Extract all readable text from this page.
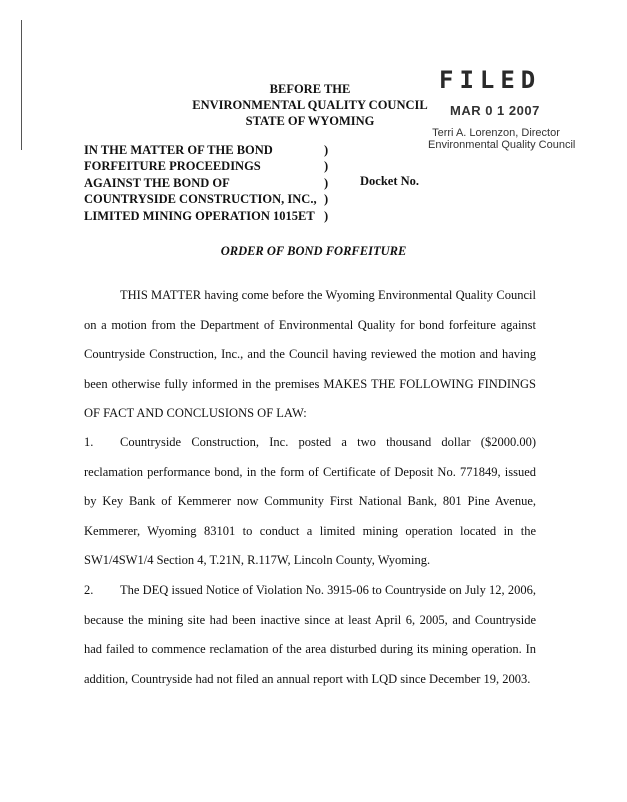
BEFORE THE
ENVIRONMENTAL QUALITY COUNCIL
STATE OF WYOMING
FILED
MAR 0 1 2007
Terri A. Lorenzon, Director
Environmental Quality Council
IN THE MATTER OF THE BOND	)
FORFEITURE PROCEEDINGS	)
AGAINST THE BOND OF	)
COUNTRYSIDE CONSTRUCTION, INC., )
LIMITED MINING OPERATION 1015ET )
Docket No.
ORDER OF BOND FORFEITURE

THIS MATTER having come before the Wyoming Environmental Quality Council on a motion from the Department of Environmental Quality for bond forfeiture against Countryside Construction, Inc., and the Council having reviewed the motion and having been otherwise fully informed in the premises MAKES THE FOLLOWING FINDINGS OF FACT AND CONCLUSIONS OF LAW:

1. Countryside Construction, Inc. posted a two thousand dollar ($2000.00) reclamation performance bond, in the form of Certificate of Deposit No. 771849, issued by Key Bank of Kemmerer now Community First National Bank, 801 Pine Avenue, Kemmerer, Wyoming 83101 to conduct a limited mining operation located in the SW1/4SW1/4 Section 4, T.21N, R.117W, Lincoln County, Wyoming.

2. The DEQ issued Notice of Violation No. 3915-06 to Countryside on July 12, 2006, because the mining site had been inactive since at least April 6, 2005, and Countryside had failed to commence reclamation of the area disturbed during its mining operation. In addition, Countryside had not filed an annual report with LQD since December 19, 2003.
